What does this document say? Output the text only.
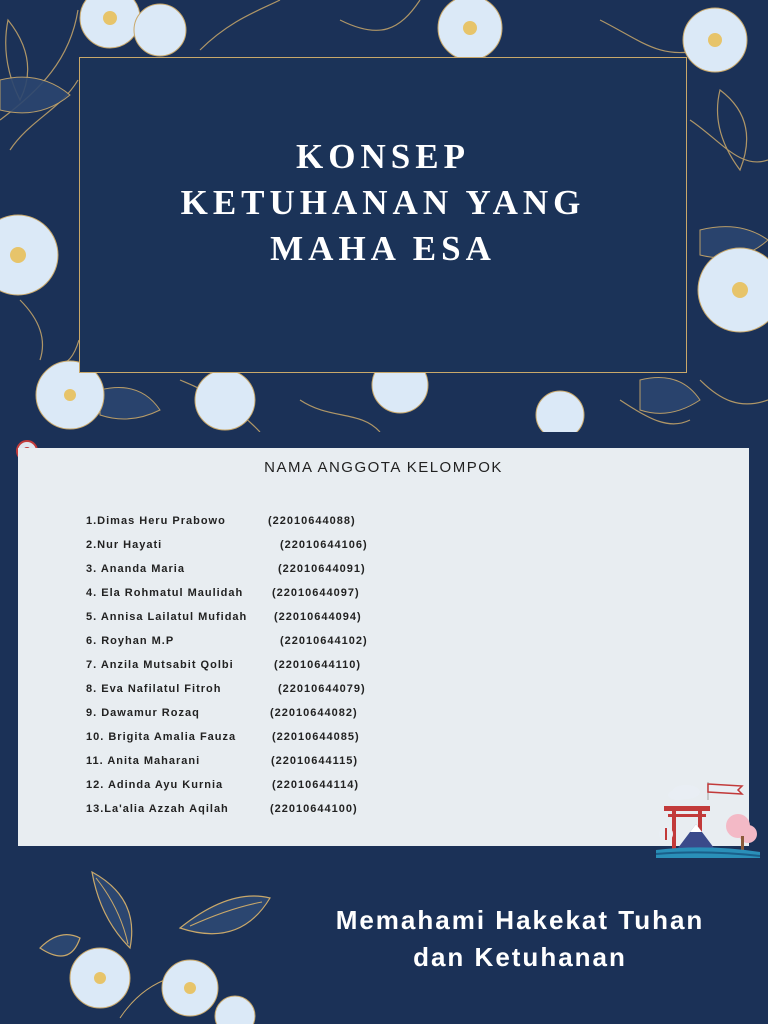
KONSEP
KETUHANAN YANG
MAHA ESA
NAMA ANGGOTA KELOMPOK
1.Dimas Heru Prabowo	(22010644088)
2.Nur Hayati	(22010644106)
3. Ananda Maria	(22010644091)
4. Ela Rohmatul Maulidah	(22010644097)
5. Annisa Lailatul Mufidah	(22010644094)
6. Royhan M.P	(22010644102)
7. Anzila Mutsabit Qolbi	(22010644110)
8. Eva Nafilatul Fitroh	(22010644079)
9. Dawamur Rozaq	(22010644082)
10. Brigita Amalia Fauza	(22010644085)
11. Anita Maharani	(22010644115)
12. Adinda Ayu Kurnia	(22010644114)
13.La'alia Azzah Aqilah	(22010644100)
Memahami Hakekat Tuhan
dan Ketuhanan
